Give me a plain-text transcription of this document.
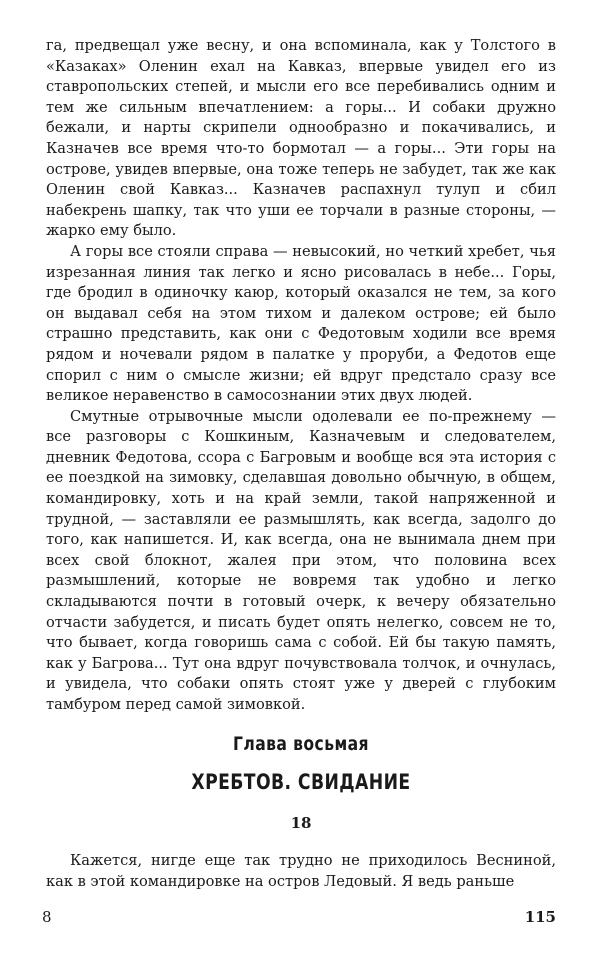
га, предвещал уже весну, и она вспоминала, как у Толстого в «Казаках» Оленин ехал на Кавказ, впервые увидел его из ставропольских степей, и мысли его все перебивались одним и тем же сильным впечатлением: а горы... И собаки дружно бежали, и нарты скрипели однообразно и покачивались, и Казначев все время что-то бормотал — а горы... Эти горы на острове, увидев впервые, она тоже теперь не забудет, так же как Оленин свой Кавказ... Казначев распахнул тулуп и сбил набекрень шапку, так что уши ее торчали в разные стороны, — жарко ему было.

А горы все стояли справа — невысокий, но четкий хребет, чья изрезанная линия так легко и ясно рисовалась в небе... Горы, где бродил в одиночку каюр, который оказался не тем, за кого он выдавал себя на этом тихом и далеком острове; ей было страшно представить, как они с Федотовым ходили все время рядом и ночевали рядом в палатке у проруби, а Федотов еще спорил с ним о смысле жизни; ей вдруг предстало сразу все великое неравенство в самосознании этих двух людей.

Смутные отрывочные мысли одолевали ее по-прежнему — все разговоры с Кошкиным, Казначевым и следователем, дневник Федотова, ссора с Багровым и вообще вся эта история с ее поездкой на зимовку, сделавшая довольно обычную, в общем, командировку, хоть и на край земли, такой напряженной и трудной, — заставляли ее размышлять, как всегда, задолго до того, как напишется. И, как всегда, она не вынимала днем при всех свой блокнот, жалея при этом, что половина всех размышлений, которые не вовремя так удобно и легко складываются почти в готовый очерк, к вечеру обязательно отчасти забудется, и писать будет опять нелегко, совсем не то, что бывает, когда говоришь сама с собой. Ей бы такую память, как у Багрова... Тут она вдруг почувствовала толчок, и очнулась, и увидела, что собаки опять стоят уже у дверей с глубоким тамбуром перед самой зимовкой.

Глава восьмая
ХРЕБТОВ. СВИДАНИЕ
18

Кажется, нигде еще так трудно не приходилось Весниной, как в этой командировке на остров Ледовый. Я ведь раньше

8	115
